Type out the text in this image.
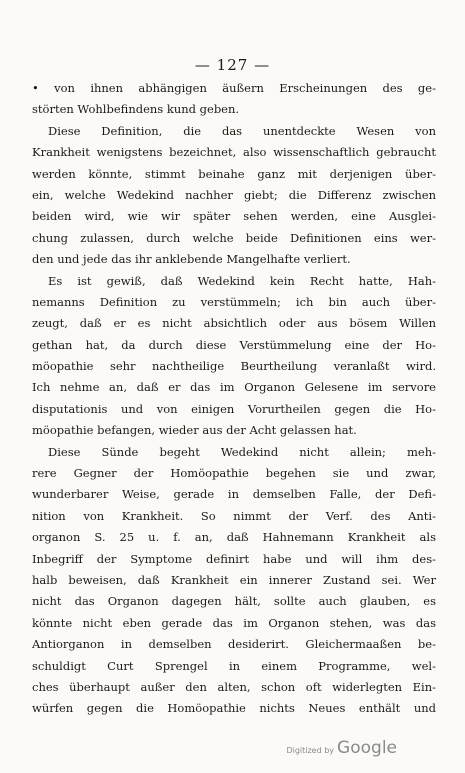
— 127 —
• von ihnen abhängigen äußern Erscheinungen des ge-
störten Wohlbefindens kund geben.
Diese Definition, die das unentdeckte Wesen von
Krankheit wenigstens bezeichnet, also wissenschaftlich gebraucht
werden könnte, stimmt beinahe ganz mit derjenigen über-
ein, welche Wedekind nachher giebt; die Differenz zwischen
beiden wird, wie wir später sehen werden, eine Ausglei-
chung zulassen, durch welche beide Definitionen eins wer-
den und jede das ihr anklebende Mangelhafte verliert.
Es ist gewiß, daß Wedekind kein Recht hatte, Hah-
nemanns Definition zu verstümmeln; ich bin auch über-
zeugt, daß er es nicht absichtlich oder aus bösem Willen
gethan hat, da durch diese Verstümmelung eine der Ho-
möopathie sehr nachtheilige Beurtheilung veranlaßt wird.
Ich nehme an, daß er das im Organon Gelesene im servore
disputationis und von einigen Vorurtheilen gegen die Ho-
möopathie befangen, wieder aus der Acht gelassen hat.
Diese Sünde begeht Wedekind nicht allein; meh-
rere Gegner der Homöopathie begehen sie und zwar,
wunderbarer Weise, gerade in demselben Falle, der Defi-
nition von Krankheit. So nimmt der Verf. des Anti-
organon S. 25 u. f. an, daß Hahnemann Krankheit als
Inbegriff der Symptome definirt habe und will ihm des-
halb beweisen, daß Krankheit ein innerer Zustand sei. Wer
nicht das Organon dagegen hält, sollte auch glauben, es
könnte nicht eben gerade das im Organon stehen, was das
Antiorganon in demselben desiderirt. Gleichermaaßen be-
schuldigt Curt Sprengel in einem Programme, wel-
ches überhaupt außer den alten, schon oft widerlegten Ein-
würfen gegen die Homöopathie nichts Neues enthält und
Digitized by Google
